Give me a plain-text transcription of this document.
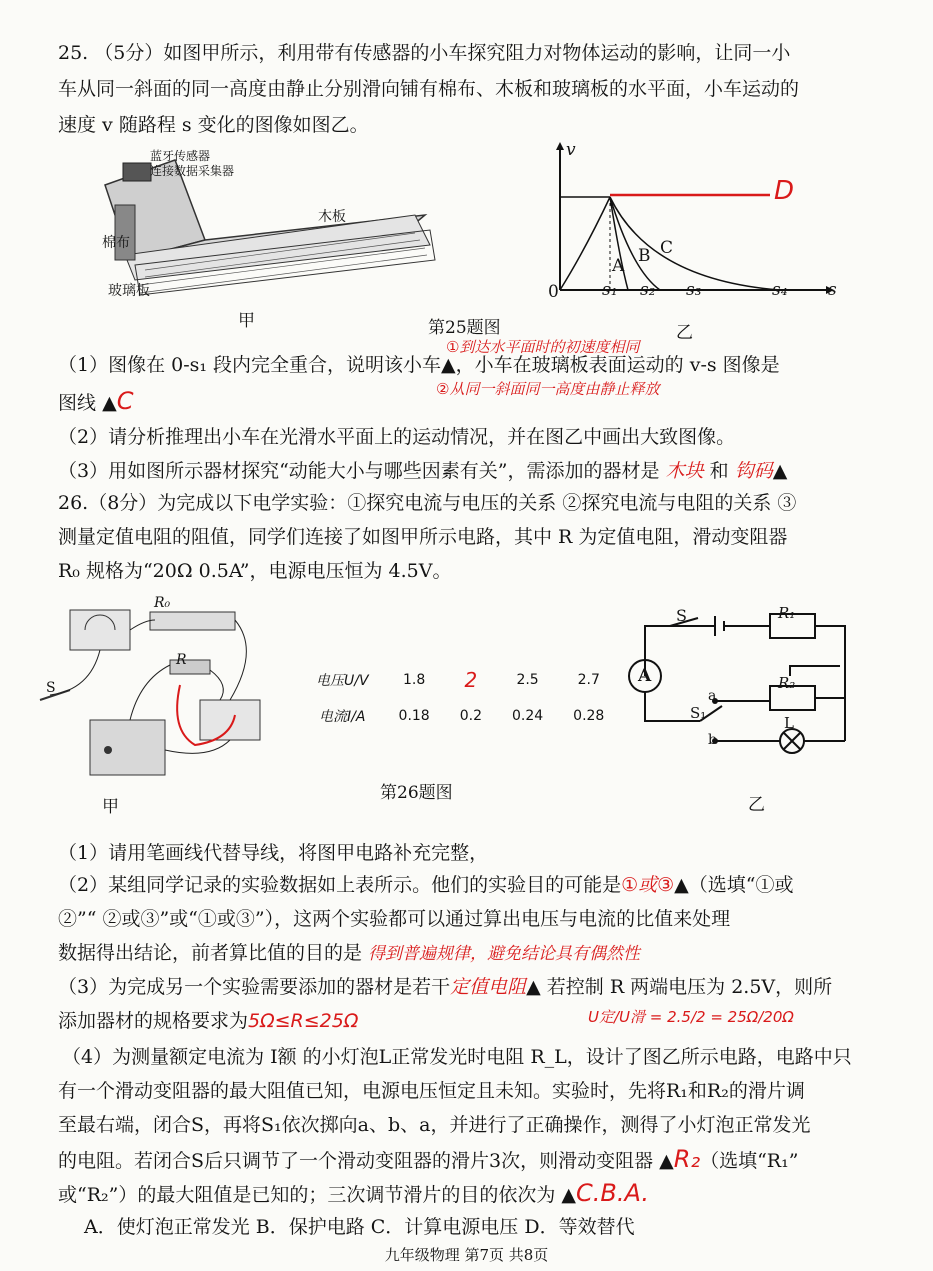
25. （5分）如图甲所示，利用带有传感器的小车探究阻力对物体运动的影响，让同一小
车从同一斜面的同一高度由静止分别滑向铺有棉布、木板和玻璃板的水平面，小车运动的
速度 v 随路程 s 变化的图像如图乙。
蓝牙传感器
连接数据采集器
木板
棉布
玻璃板
甲	第25题图
v
0	s
s₁ s₂ s₃	s₄
A B C
D
乙
（1）图像在 0-s₁ 段内完全重合，说明该小车▲，小车在玻璃板表面运动的 v-s 图像是
①到达水平面时的初速度相同
②从同一斜面同一高度由静止释放
图线 ▲C
（2）请分析推理出小车在光滑水平面上的运动情况，并在图乙中画出大致图像。
（3）用如图所示器材探究“动能大小与哪些因素有关”，需添加的器材是 木块 和 钩码▲
26.（8分）为完成以下电学实验：①探究电流与电压的关系 ②探究电流与电阻的关系 ③
测量定值电阻的阻值，同学们连接了如图甲所示电路，其中 R 为定值电阻，滑动变阻器
R₀ 规格为“20Ω 0.5A”，电源电压恒为 4.5V。
R₀
R
S
甲
电压U/V	1.8	2	2.5	2.7
电流I/A	0.18	0.2	0.24	0.28
第26题图
S	R₁
R₂
a
b
S₁
L
A
乙
（1）请用笔画线代替导线，将图甲电路补充完整，
（2）某组同学记录的实验数据如上表所示。他们的实验目的可能是①或③▲（选填“①或
②”“ ②或③”或“①或③”），这两个实验都可以通过算出电压与电流的比值来处理
数据得出结论，前者算比值的目的是 得到普遍规律，避免结论具有偶然性
（3）为完成另一个实验需要添加的器材是若干定值电阻▲ 若控制 R 两端电压为 2.5V，则所
添加器材的规格要求为5Ω≤R≤25Ω	U定/U滑 = 2.5/2 = 25Ω/20Ω
（4）为测量额定电流为 I额 的小灯泡L正常发光时电阻 R_L，设计了图乙所示电路，电路中只
有一个滑动变阻器的最大阻值已知，电源电压恒定且未知。实验时，先将R₁和R₂的滑片调
至最右端，闭合S，再将S₁依次掷向a、b、a，并进行了正确操作，测得了小灯泡正常发光
的电阻。若闭合S后只调节了一个滑动变阻器的滑片3次，则滑动变阻器 ▲R₂（选填“R₁”
或“R₂”）的最大阻值是已知的；三次调节滑片的目的依次为 ▲C.B.A.
A．使灯泡正常发光 B．保护电路 C．计算电源电压 D．等效替代
九年级物理 第7页 共8页
